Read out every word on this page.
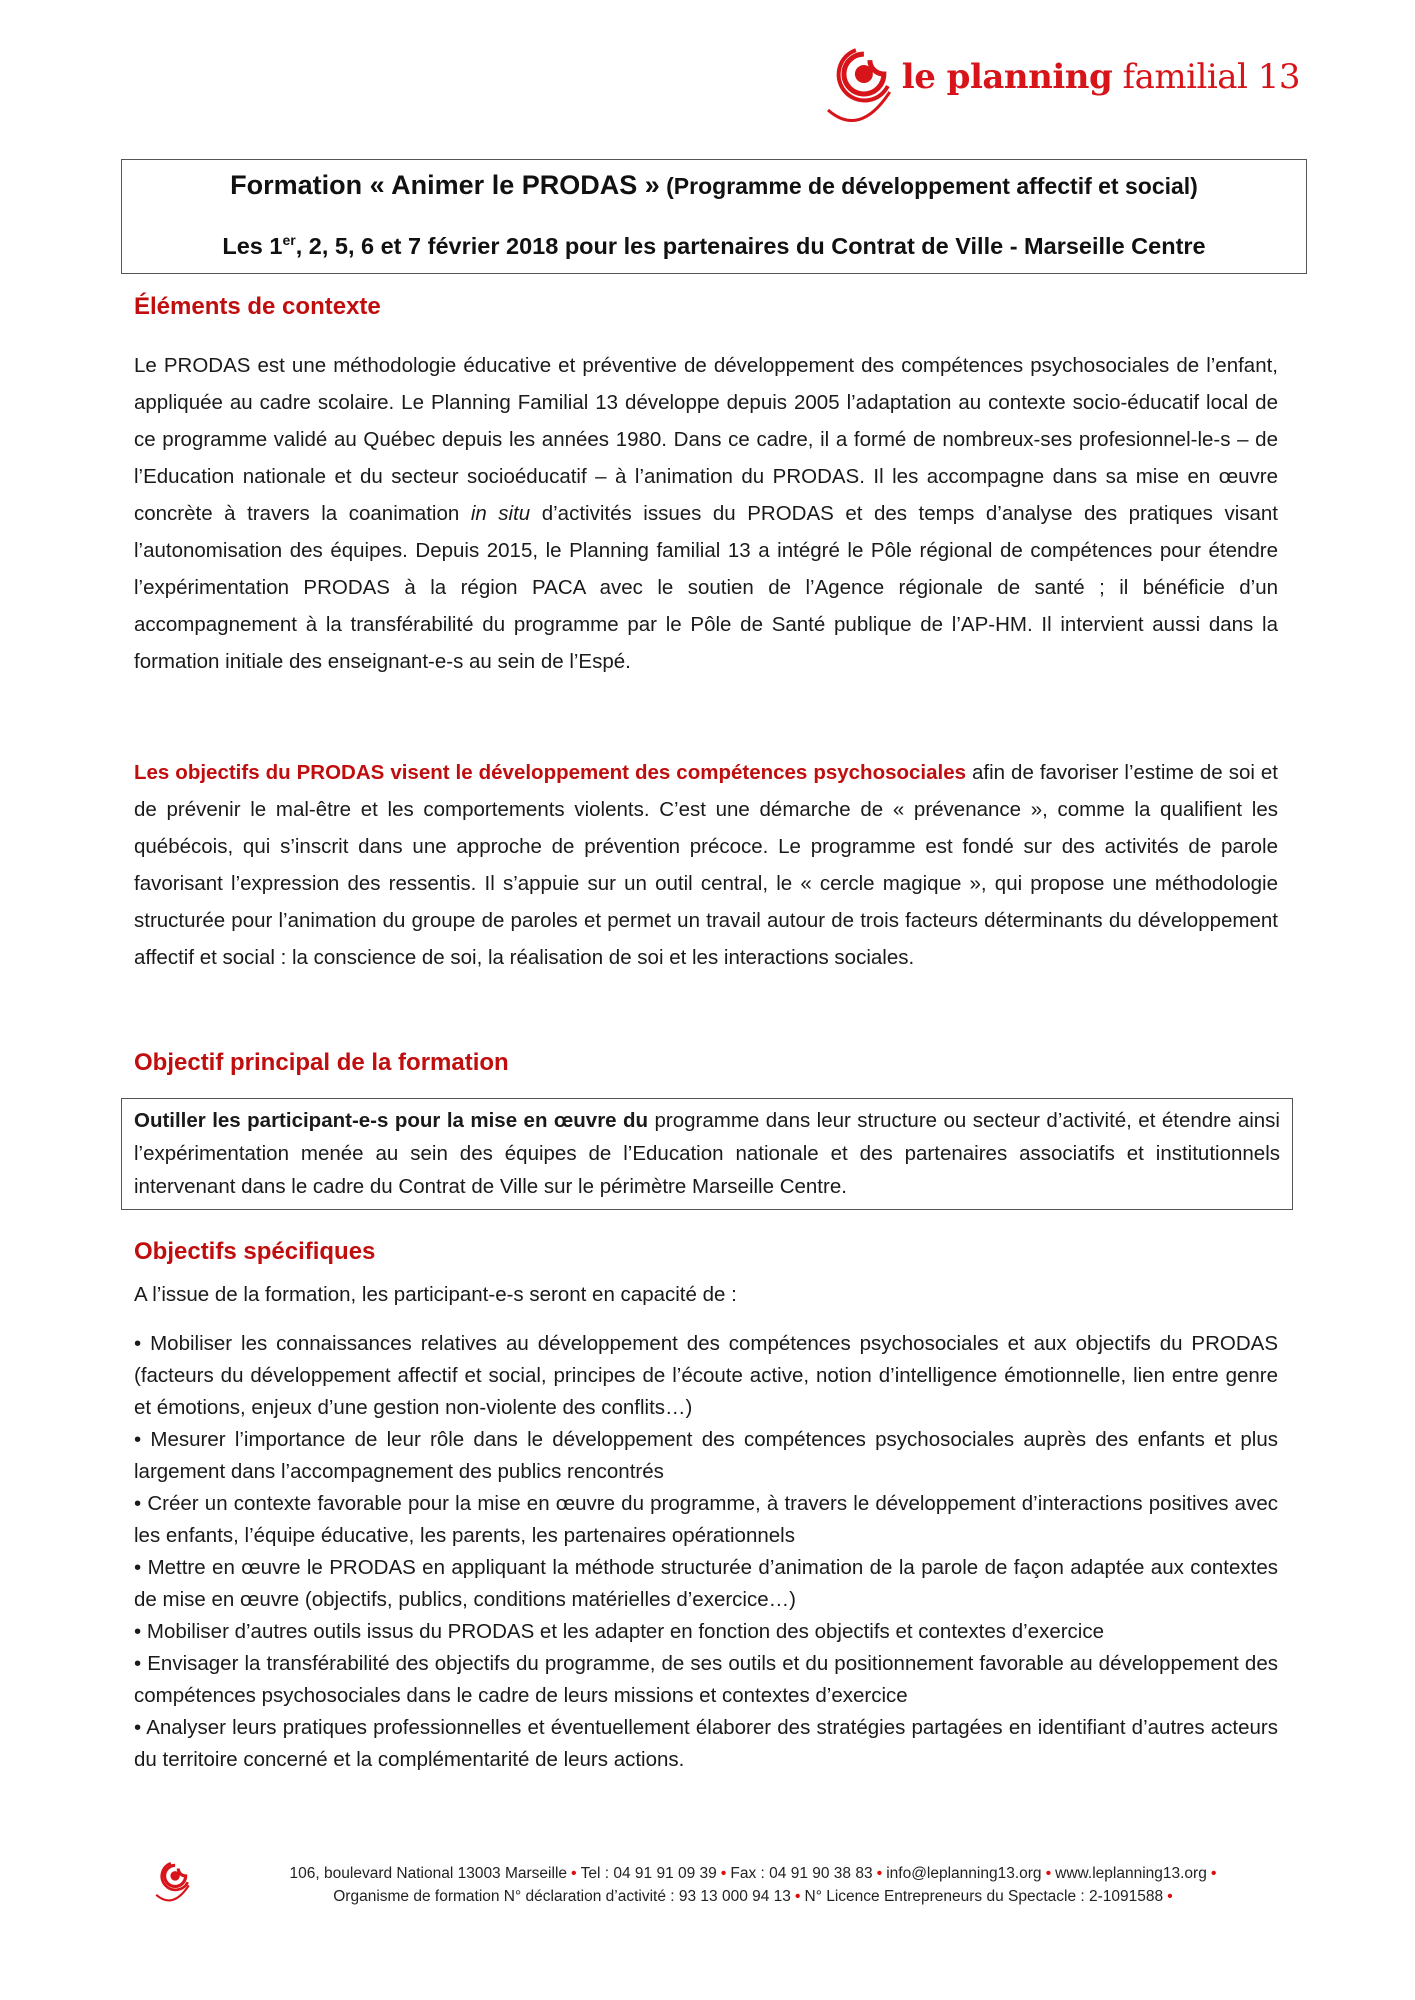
le planning familial 13
Formation « Animer le PRODAS » (Programme de développement affectif et social)
Les 1er, 2, 5, 6 et 7 février 2018 pour les partenaires du Contrat de Ville - Marseille Centre
Éléments de contexte
Le PRODAS est une méthodologie éducative et préventive de développement des compétences psychosociales de l’enfant, appliquée au cadre scolaire. Le Planning Familial 13 développe depuis 2005 l’adaptation au contexte socio-éducatif local de ce programme validé au Québec depuis les années 1980. Dans ce cadre, il a formé de nombreux-ses profesionnel-le-s – de l’Education nationale et du secteur socioéducatif – à l’animation du PRODAS. Il les accompagne dans sa mise en œuvre concrète à travers la coanimation in situ d’activités issues du PRODAS et des temps d’analyse des pratiques visant l’autonomisation des équipes. Depuis 2015, le Planning familial 13 a intégré le Pôle régional de compétences pour étendre l’expérimentation PRODAS à la région PACA avec le soutien de l’Agence régionale de santé ; il bénéficie d’un accompagnement à la transférabilité du programme par le Pôle de Santé publique de l’AP-HM. Il intervient aussi dans la formation initiale des enseignant-e-s au sein de l’Espé.
Les objectifs du PRODAS visent le développement des compétences psychosociales afin de favoriser l’estime de soi et de prévenir le mal-être et les comportements violents. C’est une démarche de « prévenance », comme la qualifient les québécois, qui s’inscrit dans une approche de prévention précoce. Le programme est fondé sur des activités de parole favorisant l’expression des ressentis. Il s’appuie sur un outil central, le « cercle magique », qui propose une méthodologie structurée pour l’animation du groupe de paroles et permet un travail autour de trois facteurs déterminants du développement affectif et social : la conscience de soi, la réalisation de soi et les interactions sociales.
Objectif principal de la formation
Outiller les participant-e-s pour la mise en œuvre du programme dans leur structure ou secteur d’activité, et étendre ainsi l’expérimentation menée au sein des équipes de l’Education nationale et des partenaires associatifs et institutionnels intervenant dans le cadre du Contrat de Ville sur le périmètre Marseille Centre.
Objectifs spécifiques
A l’issue de la formation, les participant-e-s seront en capacité de :

• Mobiliser les connaissances relatives au développement des compétences psychosociales et aux objectifs du PRODAS (facteurs du développement affectif et social, principes de l’écoute active, notion d’intelligence émotionnelle, lien entre genre et émotions, enjeux d’une gestion non-violente des conflits…)

• Mesurer l’importance de leur rôle dans le développement des compétences psychosociales auprès des enfants et plus largement dans l’accompagnement des publics rencontrés

• Créer un contexte favorable pour la mise en œuvre du programme, à travers le développement d’interactions positives avec les enfants, l’équipe éducative, les parents, les partenaires opérationnels

• Mettre en œuvre le PRODAS en appliquant la méthode structurée d’animation de la parole de façon adaptée aux contextes de mise en œuvre (objectifs, publics, conditions matérielles d’exercice…)

• Mobiliser d’autres outils issus du PRODAS et les adapter en fonction des objectifs et contextes d’exercice

• Envisager la transférabilité des objectifs du programme, de ses outils et du positionnement favorable au développement des compétences psychosociales dans le cadre de leurs missions et contextes d’exercice

• Analyser leurs pratiques professionnelles et éventuellement élaborer des stratégies partagées en identifiant d’autres acteurs du territoire concerné et la complémentarité de leurs actions.

106, boulevard National 13003 Marseille • Tel : 04 91 91 09 39 • Fax : 04 91 90 38 83 • info@leplanning13.org • www.leplanning13.org •
Organisme de formation N° déclaration d’activité : 93 13 000 94 13 • N° Licence Entrepreneurs du Spectacle : 2-1091588 •
